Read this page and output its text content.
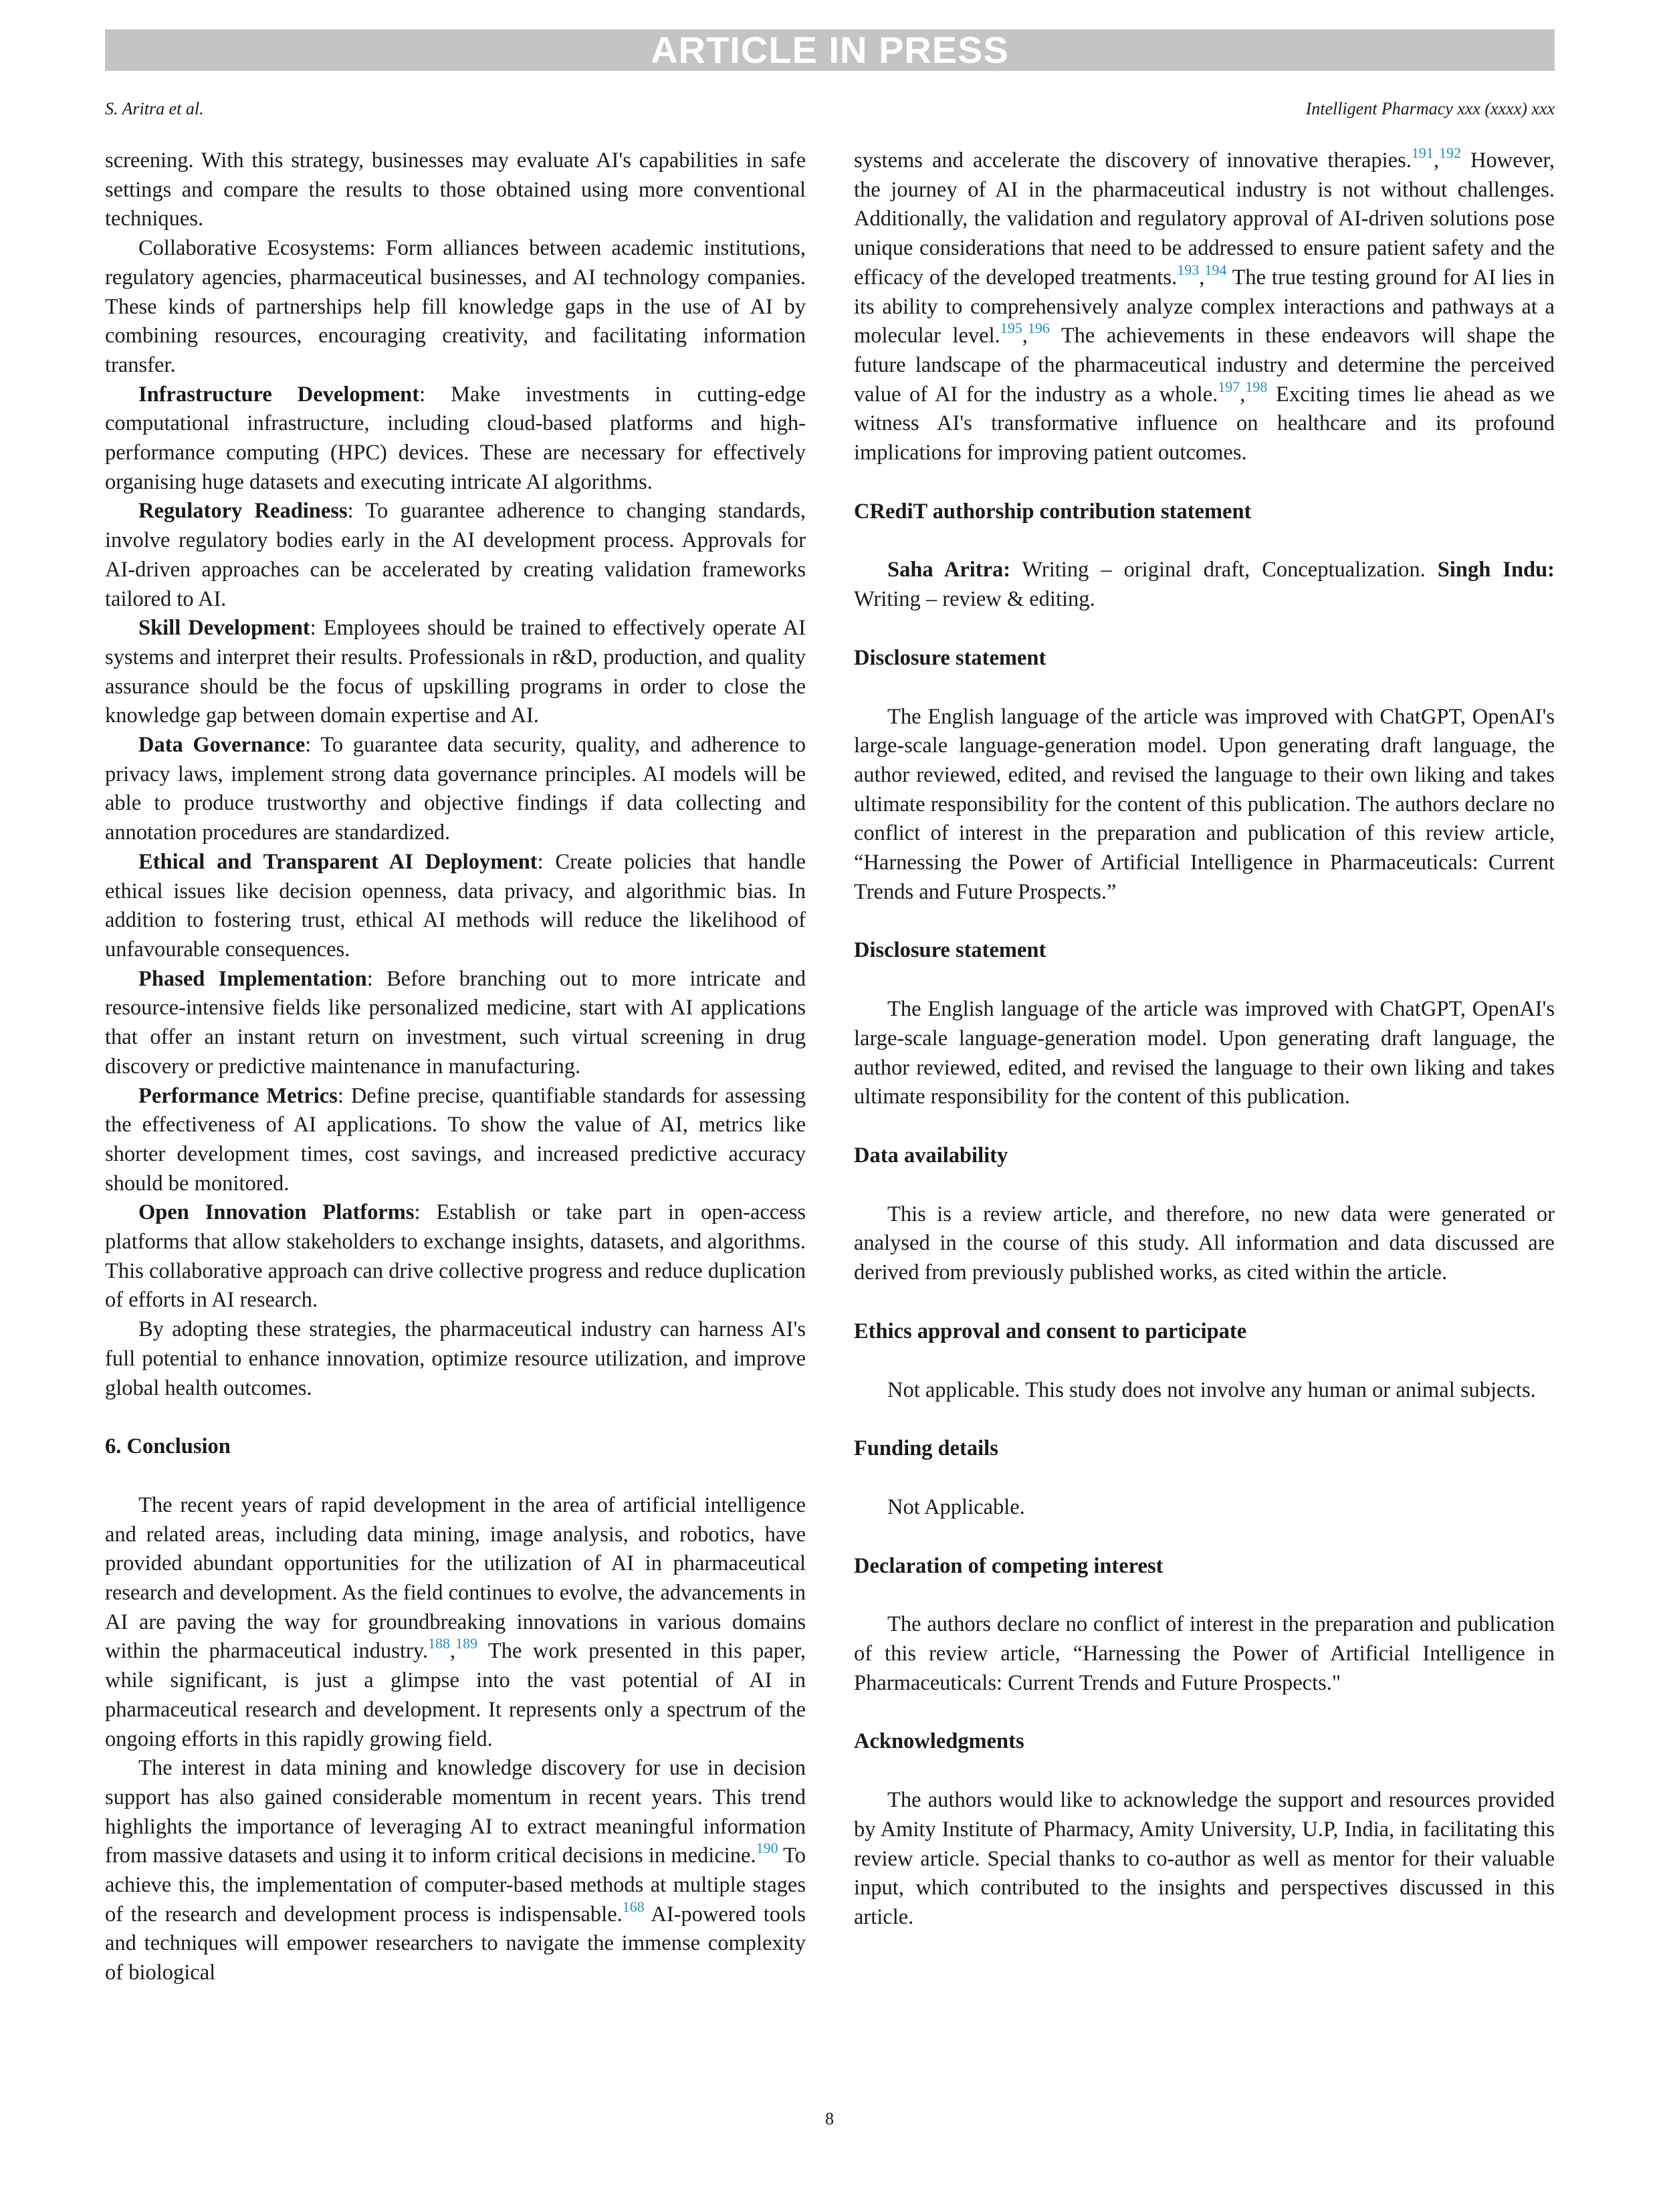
ARTICLE IN PRESS
S. Aritra et al.	Intelligent Pharmacy xxx (xxxx) xxx

screening. With this strategy, businesses may evaluate AI's capabilities in safe settings and compare the results to those obtained using more conventional techniques.

Collaborative Ecosystems: Form alliances between academic institutions, regulatory agencies, pharmaceutical businesses, and AI technology companies. These kinds of partnerships help fill knowledge gaps in the use of AI by combining resources, encouraging creativity, and facilitating information transfer.

Infrastructure Development: Make investments in cutting-edge computational infrastructure, including cloud-based platforms and high-performance computing (HPC) devices. These are necessary for effectively organising huge datasets and executing intricate AI algorithms.

Regulatory Readiness: To guarantee adherence to changing standards, involve regulatory bodies early in the AI development process. Approvals for AI-driven approaches can be accelerated by creating validation frameworks tailored to AI.

Skill Development: Employees should be trained to effectively operate AI systems and interpret their results. Professionals in r&D, production, and quality assurance should be the focus of upskilling programs in order to close the knowledge gap between domain expertise and AI.

Data Governance: To guarantee data security, quality, and adherence to privacy laws, implement strong data governance principles. AI models will be able to produce trustworthy and objective findings if data collecting and annotation procedures are standardized.

Ethical and Transparent AI Deployment: Create policies that handle ethical issues like decision openness, data privacy, and algorithmic bias. In addition to fostering trust, ethical AI methods will reduce the likelihood of unfavourable consequences.

Phased Implementation: Before branching out to more intricate and resource-intensive fields like personalized medicine, start with AI applications that offer an instant return on investment, such virtual screening in drug discovery or predictive maintenance in manufacturing.

Performance Metrics: Define precise, quantifiable standards for assessing the effectiveness of AI applications. To show the value of AI, metrics like shorter development times, cost savings, and increased predictive accuracy should be monitored.

Open Innovation Platforms: Establish or take part in open-access platforms that allow stakeholders to exchange insights, datasets, and algorithms. This collaborative approach can drive collective progress and reduce duplication of efforts in AI research.

By adopting these strategies, the pharmaceutical industry can harness AI's full potential to enhance innovation, optimize resource utilization, and improve global health outcomes.

6. Conclusion

The recent years of rapid development in the area of artificial intelligence and related areas, including data mining, image analysis, and robotics, have provided abundant opportunities for the utilization of AI in pharmaceutical research and development. As the field continues to evolve, the advancements in AI are paving the way for groundbreaking innovations in various domains within the pharmaceutical industry.$^{188}$,$^{189}$ The work presented in this paper, while significant, is just a glimpse into the vast potential of AI in pharmaceutical research and development. It represents only a spectrum of the ongoing efforts in this rapidly growing field.

The interest in data mining and knowledge discovery for use in decision support has also gained considerable momentum in recent years. This trend highlights the importance of leveraging AI to extract meaningful information from massive datasets and using it to inform critical decisions in medicine.$^{190}$ To achieve this, the implementation of computer-based methods at multiple stages of the research and development process is indispensable.$^{168}$ AI-powered tools and techniques will empower researchers to navigate the immense complexity of biological

systems and accelerate the discovery of innovative therapies.$^{191}$,$^{192}$ However, the journey of AI in the pharmaceutical industry is not without challenges. Additionally, the validation and regulatory approval of AI-driven solutions pose unique considerations that need to be addressed to ensure patient safety and the efficacy of the developed treatments.$^{193}$,$^{194}$ The true testing ground for AI lies in its ability to comprehensively analyze complex interactions and pathways at a molecular level.$^{195}$,$^{196}$ The achievements in these endeavors will shape the future landscape of the pharmaceutical industry and determine the perceived value of AI for the industry as a whole.$^{197}$,$^{198}$ Exciting times lie ahead as we witness AI's transformative influence on healthcare and its profound implications for improving patient outcomes.

CRediT authorship contribution statement

Saha Aritra: Writing – original draft, Conceptualization. Singh Indu: Writing – review & editing.

Disclosure statement

The English language of the article was improved with ChatGPT, OpenAI's large-scale language-generation model. Upon generating draft language, the author reviewed, edited, and revised the language to their own liking and takes ultimate responsibility for the content of this publication. The authors declare no conflict of interest in the preparation and publication of this review article, “Harnessing the Power of Artificial Intelligence in Pharmaceuticals: Current Trends and Future Prospects.”

Disclosure statement

The English language of the article was improved with ChatGPT, OpenAI's large-scale language-generation model. Upon generating draft language, the author reviewed, edited, and revised the language to their own liking and takes ultimate responsibility for the content of this publication.

Data availability

This is a review article, and therefore, no new data were generated or analysed in the course of this study. All information and data discussed are derived from previously published works, as cited within the article.

Ethics approval and consent to participate

Not applicable. This study does not involve any human or animal subjects.

Funding details

Not Applicable.

Declaration of competing interest

The authors declare no conflict of interest in the preparation and publication of this review article, “Harnessing the Power of Artificial Intelligence in Pharmaceuticals: Current Trends and Future Prospects."

Acknowledgments

The authors would like to acknowledge the support and resources provided by Amity Institute of Pharmacy, Amity University, U.P, India, in facilitating this review article. Special thanks to co-author as well as mentor for their valuable input, which contributed to the insights and perspectives discussed in this article.

8
